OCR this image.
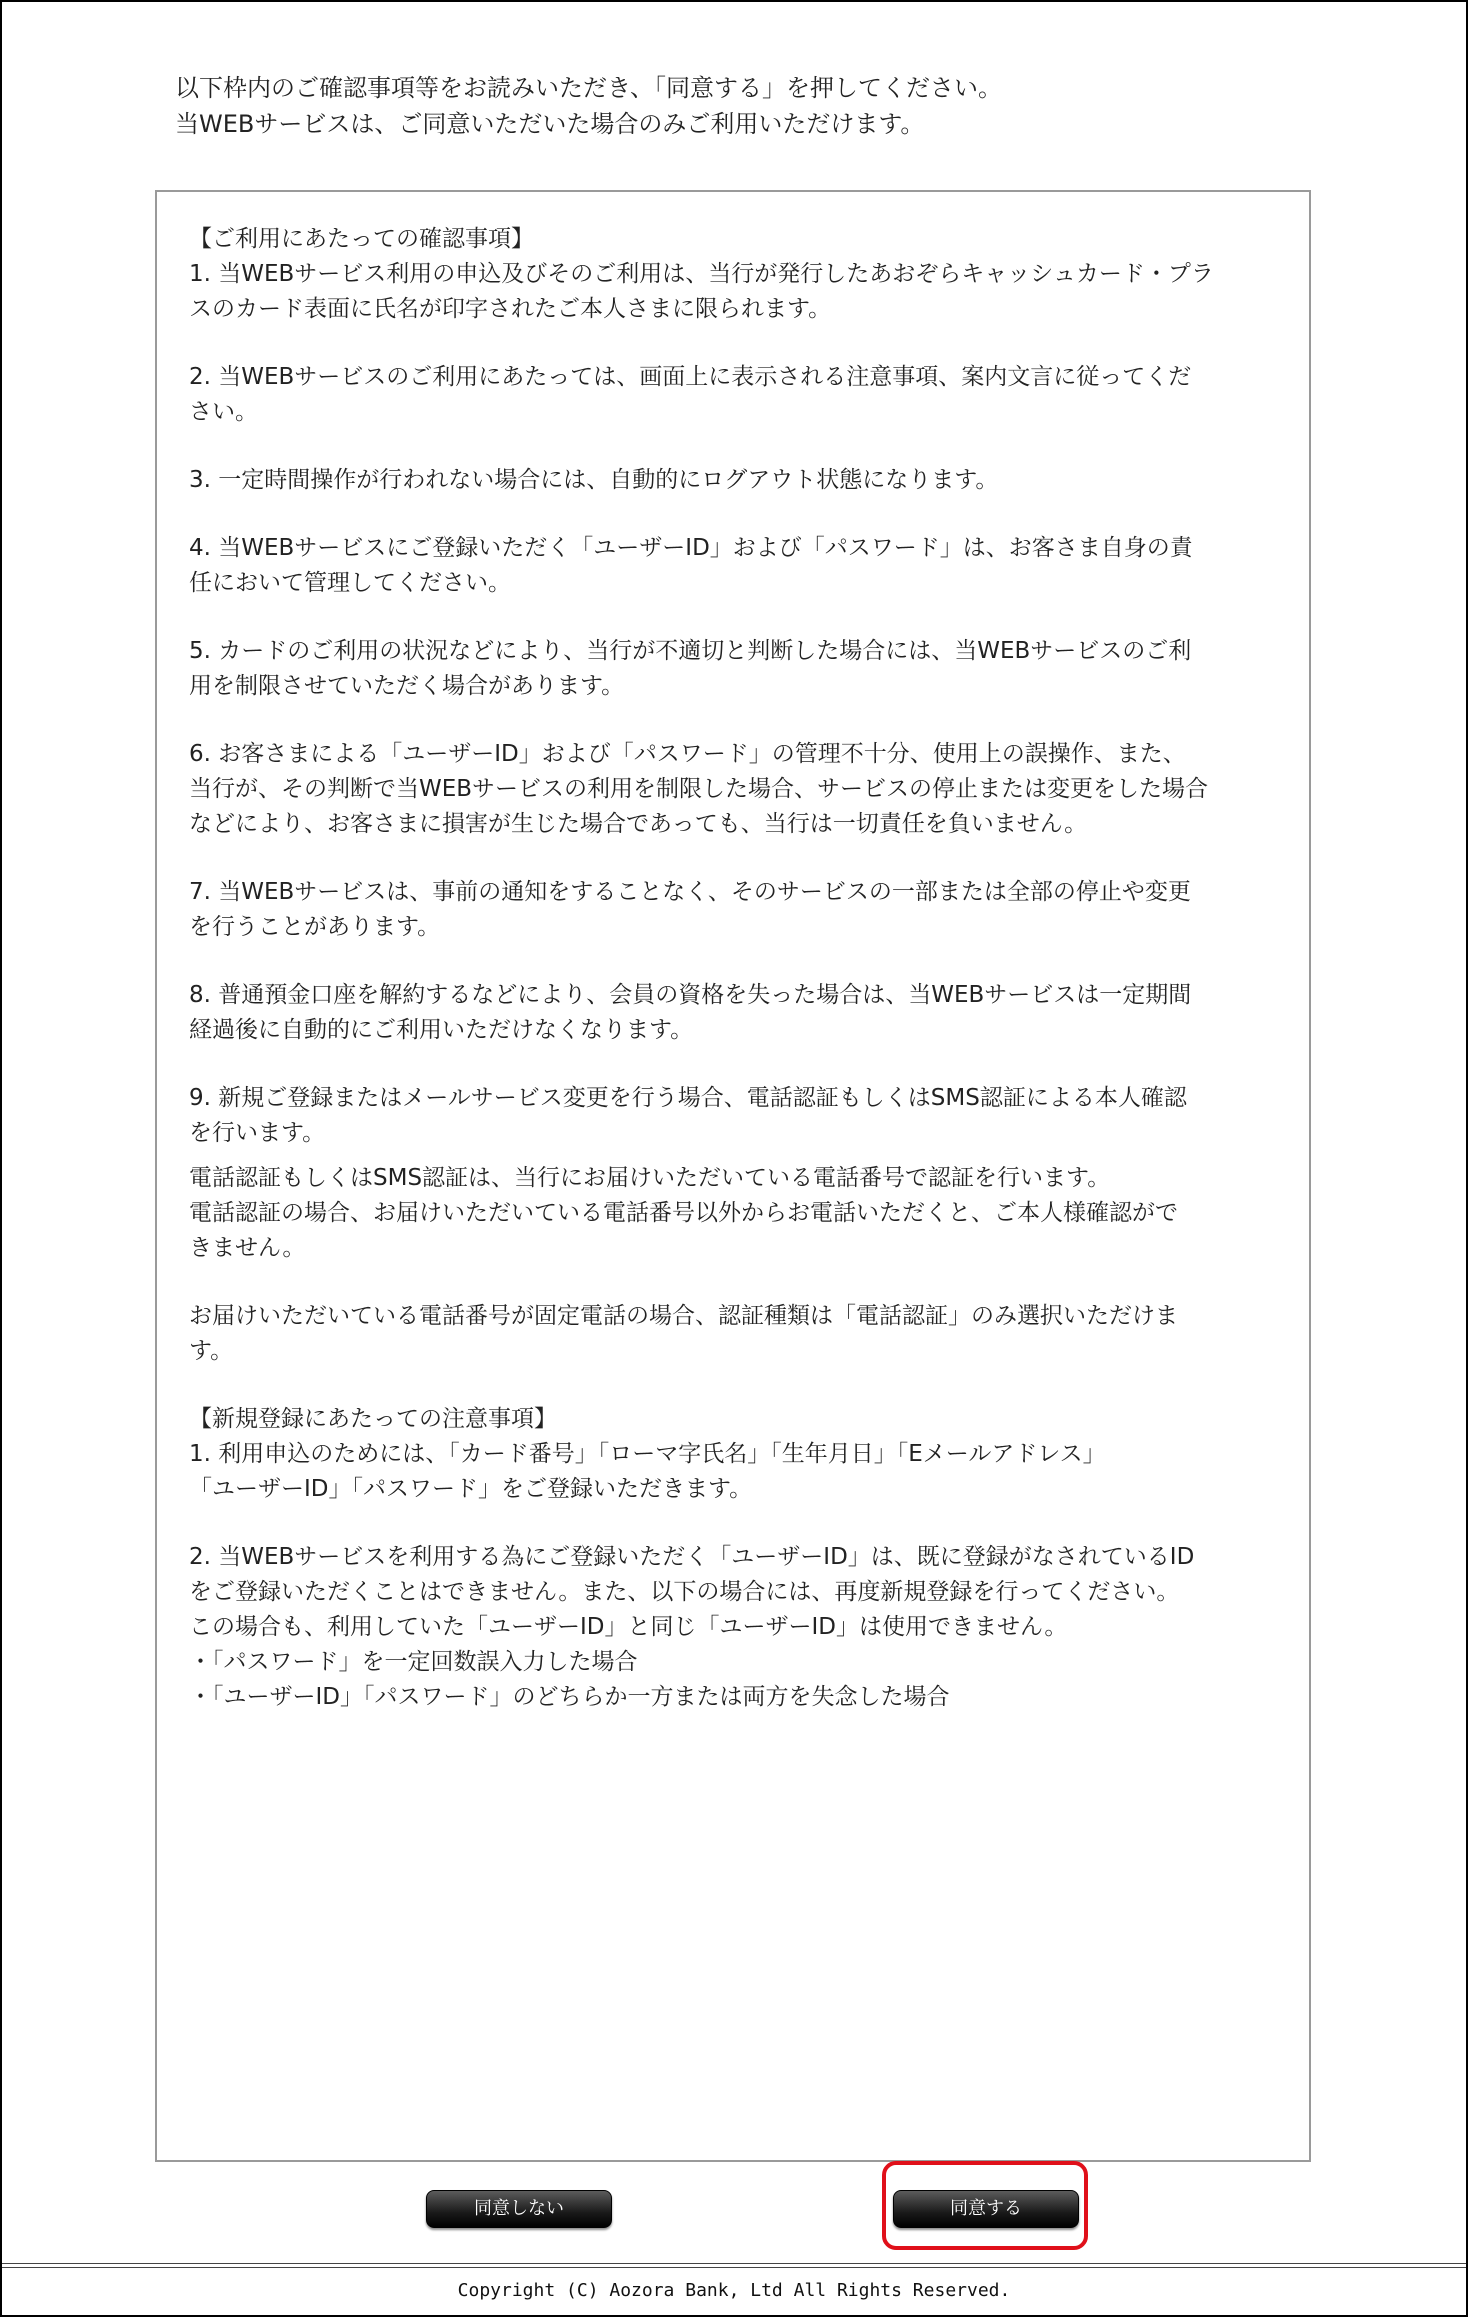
以下枠内のご確認事項等をお読みいただき、「同意する」を押してください。
当WEBサービスは、ご同意いただいた場合のみご利用いただけます。
【ご利用にあたっての確認事項】
1. 当WEBサービス利用の申込及びそのご利用は、当行が発行したあおぞらキャッシュカード・プラ
スのカード表面に氏名が印字されたご本人さまに限られます。
2. 当WEBサービスのご利用にあたっては、画面上に表示される注意事項、案内文言に従ってくだ
さい。
3. 一定時間操作が行われない場合には、自動的にログアウト状態になります。
4. 当WEBサービスにご登録いただく「ユーザーID」および「パスワード」は、お客さま自身の責
任において管理してください。
5. カードのご利用の状況などにより、当行が不適切と判断した場合には、当WEBサービスのご利
用を制限させていただく場合があります。
6. お客さまによる「ユーザーID」および「パスワード」の管理不十分、使用上の誤操作、また、
当行が、その判断で当WEBサービスの利用を制限した場合、サービスの停止または変更をした場合
などにより、お客さまに損害が生じた場合であっても、当行は一切責任を負いません。
7. 当WEBサービスは、事前の通知をすることなく、そのサービスの一部または全部の停止や変更
を行うことがあります。
8. 普通預金口座を解約するなどにより、会員の資格を失った場合は、当WEBサービスは一定期間
経過後に自動的にご利用いただけなくなります。
9. 新規ご登録またはメールサービス変更を行う場合、電話認証もしくはSMS認証による本人確認
を行います。
電話認証もしくはSMS認証は、当行にお届けいただいている電話番号で認証を行います。
電話認証の場合、お届けいただいている電話番号以外からお電話いただくと、ご本人様確認がで
きません。
お届けいただいている電話番号が固定電話の場合、認証種類は「電話認証」のみ選択いただけま
す。
【新規登録にあたっての注意事項】
1. 利用申込のためには、「カード番号」「ローマ字氏名」「生年月日」「Eメールアドレス」
「ユーザーID」「パスワード」をご登録いただきます。
2. 当WEBサービスを利用する為にご登録いただく「ユーザーID」は、既に登録がなされているID
をご登録いただくことはできません。また、以下の場合には、再度新規登録を行ってください。
この場合も、利用していた「ユーザーID」と同じ「ユーザーID」は使用できません。
・「パスワード」を一定回数誤入力した場合
・「ユーザーID」「パスワード」のどちらか一方または両方を失念した場合
同意しない	同意する
Copyright (C) Aozora Bank, Ltd All Rights Reserved.
